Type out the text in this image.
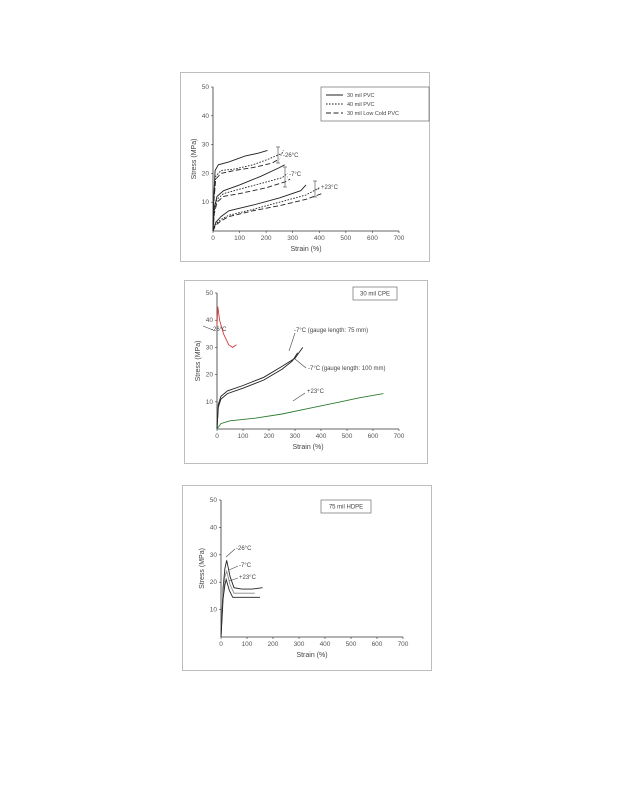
0	100 200 300 400 500 600 700
10
20
30
40
50
Strain (%)
Stress (MPa)
30 mil PVC
40 mil PVC
30 mil Low Cold PVC
-26°C
-7°C
+23°C
0	100 200 300 400 500 600 700
10
20
30
40
50
Strain (%)
Stress (MPa)
30 mil CPE
-26°C	-7°C (gauge length: 75 mm)
-7°C (gauge length: 100 mm)
+23°C
0	100 200 300 400 500 600 700
10
20
30
40
50
Strain (%)
Stress (MPa)
75 mil HDPE
-26°C
-7°C
+23°C
